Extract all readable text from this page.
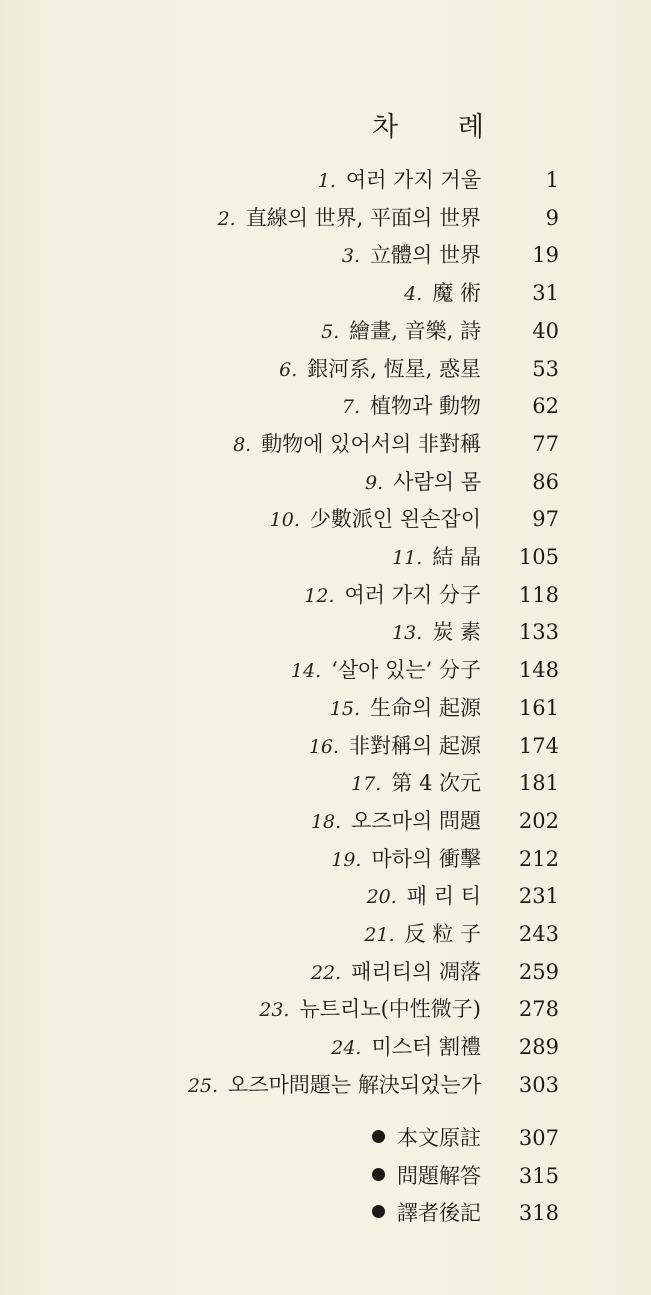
차 례
1. 여러 가지 거울	1
2. 直線의 世界, 平面의 世界	9
3. 立體의 世界	19
4. 魔 術	31
5. 繪畫, 音樂, 詩	40
6. 銀河系, 恆星, 惑星	53
7. 植物과 動物	62
8. 動物에 있어서의 非對稱	77
9. 사람의 몸	86
10. 少數派인 왼손잡이	97
11. 結 晶	105
12. 여러 가지 分子	118
13. 炭 素	133
14. ‘살아 있는’ 分子	148
15. 生命의 起源	161
16. 非對稱의 起源	174
17. 第 4 次元	181
18. 오즈마의 問題	202
19. 마하의 衝擊	212
20. 패 리 티	231
21. 反 粒 子	243
22. 패리티의 凋落	259
23. 뉴트리노(中性微子)	278
24. 미스터 割禮	289
25. 오즈마問題는 解決되었는가	303
本文原註	307
問題解答	315
譯者後記	318
